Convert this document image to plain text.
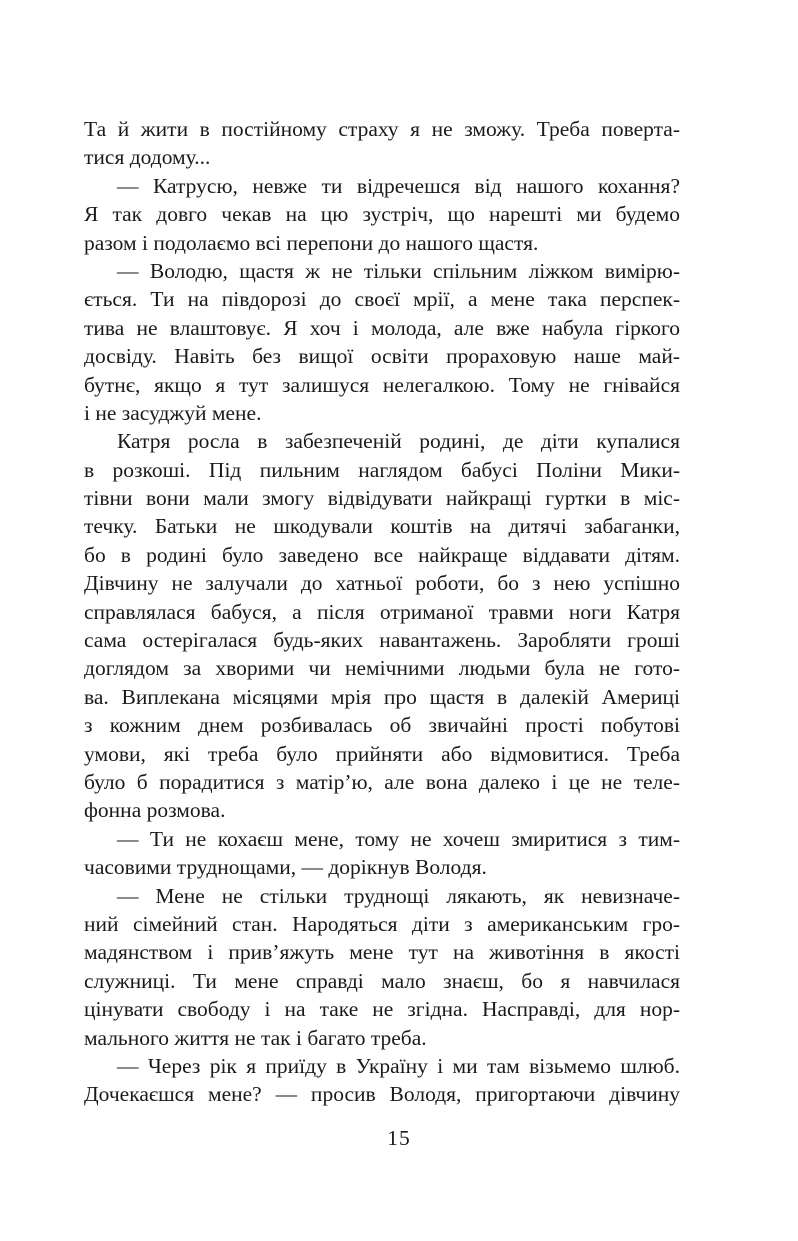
Та й жити в постійному страху я не зможу. Треба поверта-
тися додому...
— Катрусю, невже ти відречешся від нашого кохання?
Я так довго чекав на цю зустріч, що нарешті ми будемо
разом і подолаємо всі перепони до нашого щастя.
— Володю, щастя ж не тільки спільним ліжком вимірю-
ється. Ти на півдорозі до своєї мрії, а мене така перспек-
тива не влаштовує. Я хоч і молода, але вже набула гіркого
досвіду. Навіть без вищої освіти прораховую наше май-
бутнє, якщо я тут залишуся нелегалкою. Тому не гнівайся
і не засуджуй мене.
Катря росла в забезпеченій родині, де діти купалися
в розкоші. Під пильним наглядом бабусі Поліни Мики-
тівни вони мали змогу відвідувати найкращі гуртки в міс-
течку. Батьки не шкодували коштів на дитячі забаганки,
бо в родині було заведено все найкраще віддавати дітям.
Дівчину не залучали до хатньої роботи, бо з нею успішно
справлялася бабуся, а після отриманої травми ноги Катря
сама остерігалася будь-яких навантажень. Заробляти гроші
доглядом за хворими чи немічними людьми була не гото-
ва. Виплекана місяцями мрія про щастя в далекій Америці
з кожним днем розбивалась об звичайні прості побутові
умови, які треба було прийняти або відмовитися. Треба
було б порадитися з матір’ю, але вона далеко і це не теле-
фонна розмова.
— Ти не кохаєш мене, тому не хочеш змиритися з тим-
часовими труднощами, — дорікнув Володя.
— Мене не стільки труднощі лякають, як невизначе-
ний сімейний стан. Народяться діти з американським гро-
мадянством і прив’яжуть мене тут на животіння в якості
служниці. Ти мене справді мало знаєш, бо я навчилася
цінувати свободу і на таке не згідна. Насправді, для нор-
мального життя не так і багато треба.
— Через рік я приїду в Україну і ми там візьмемо шлюб.
Дочекаєшся мене? — просив Володя, пригортаючи дівчину
15
